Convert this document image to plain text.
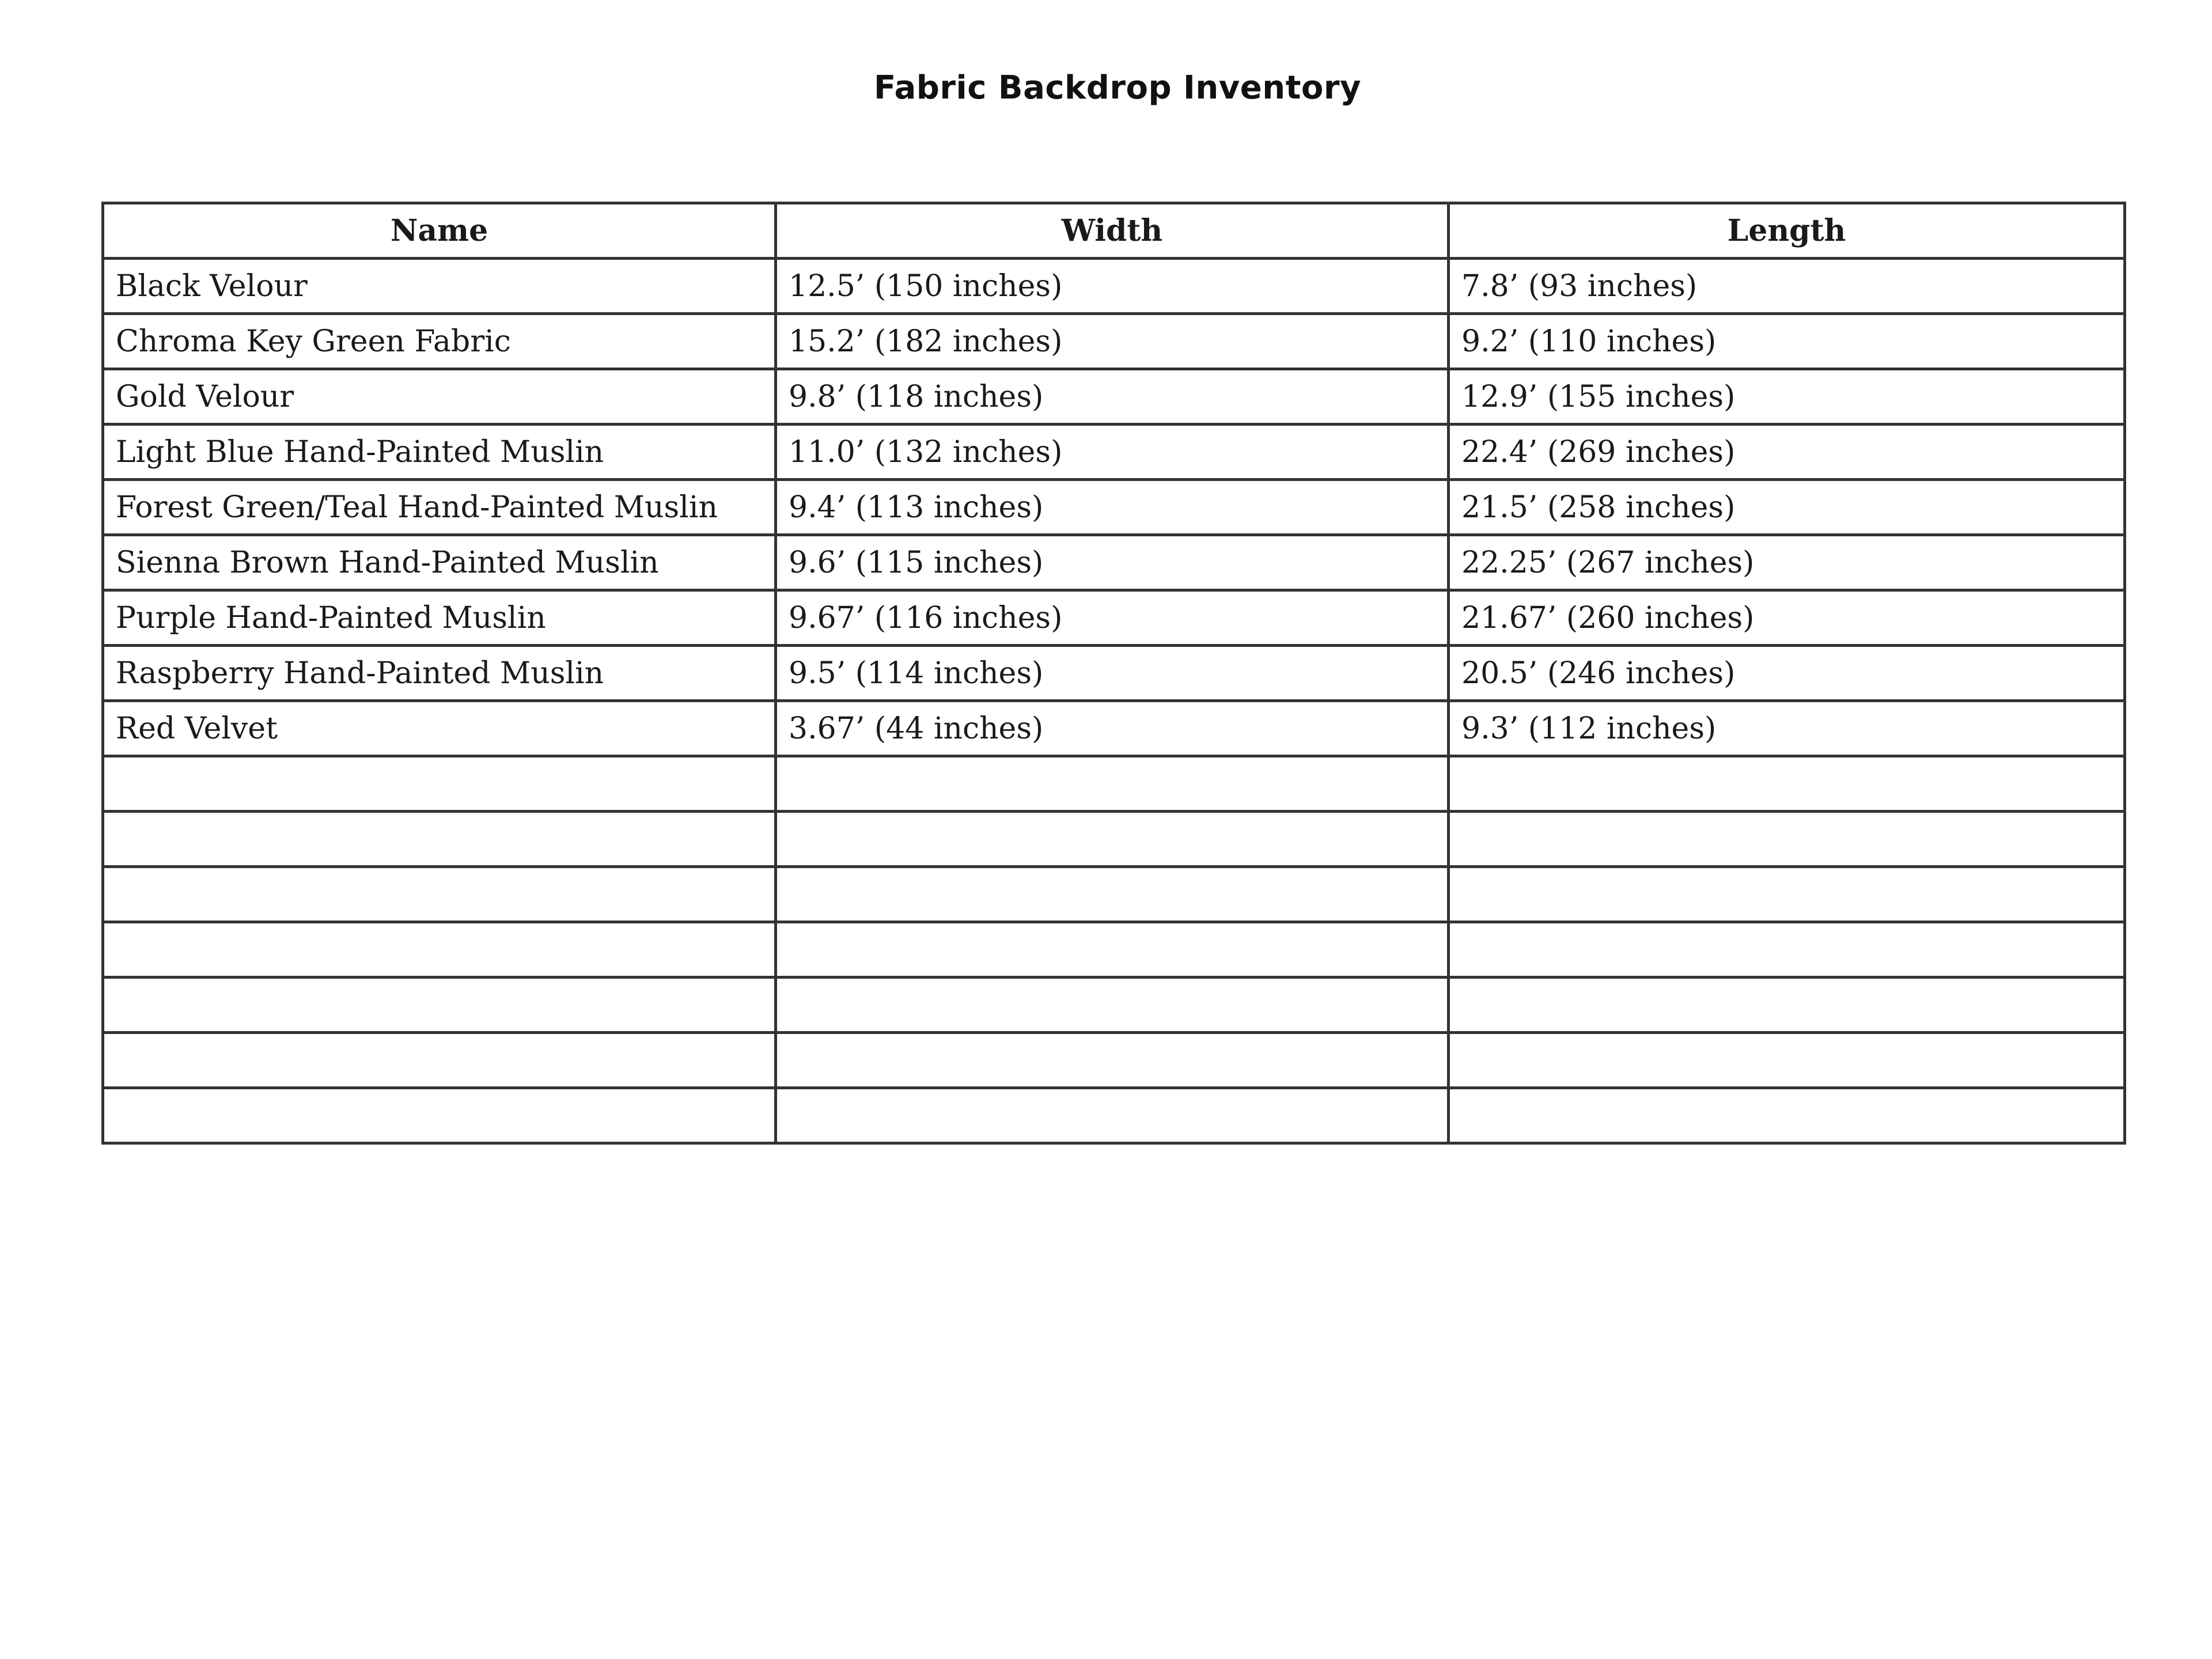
Fabric Backdrop Inventory
Name	Width	Length
Black Velour	12.5’ (150 inches)	7.8’ (93 inches)
Chroma Key Green Fabric	15.2’ (182 inches)	9.2’ (110 inches)
Gold Velour	9.8’ (118 inches)	12.9’ (155 inches)
Light Blue Hand-Painted Muslin	11.0’ (132 inches)	22.4’ (269 inches)
Forest Green/Teal Hand-Painted Muslin	9.4’ (113 inches)	21.5’ (258 inches)
Sienna Brown Hand-Painted Muslin	9.6’ (115 inches)	22.25’ (267 inches)
Purple Hand-Painted Muslin	9.67’ (116 inches)	21.67’ (260 inches)
Raspberry Hand-Painted Muslin	9.5’ (114 inches)	20.5’ (246 inches)
Red Velvet	3.67’ (44 inches)	9.3’ (112 inches)
